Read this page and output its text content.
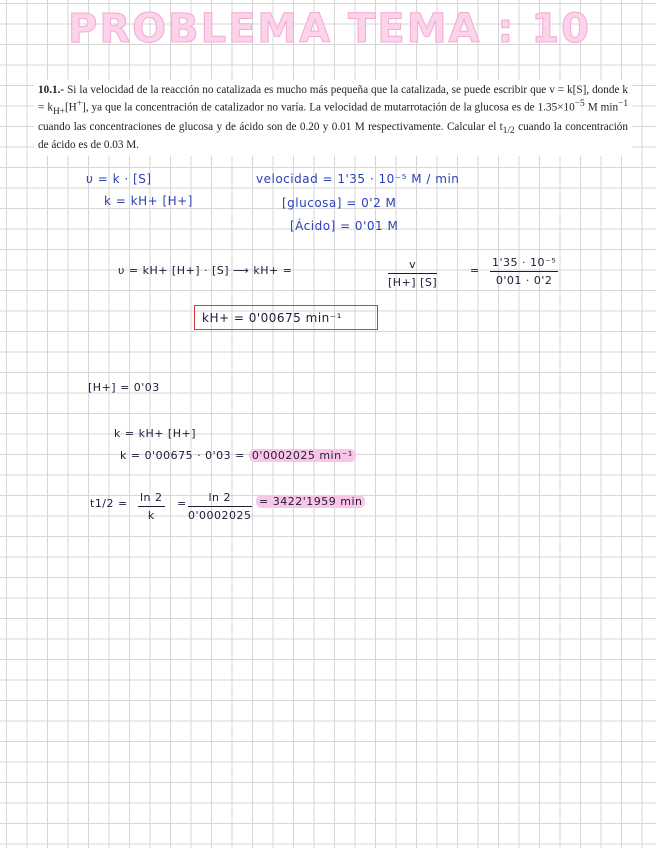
PROBLEMA TEMA : 10
10.1.- Si la velocidad de la reacción no catalizada es mucho más pequeña que la catalizada, se puede escribir que v = k[S], donde $k = k_{H+}[H^+]$, ya que la concentración de catalizador no varía. La velocidad de mutarrotación de la glucosa es de $1.35\times 10^{-5}$ M $\min^{-1}$ cuando las concentraciones de glucosa y de ácido son de 0.20 y 0.01 M respectivamente. Calcular el $t_{1/2}$ cuando la concentración de ácido es de 0.03 M.
υ = k · [S]
k = kH+ [H+]
velocidad = 1'35 · 10⁻⁵ M / min
[glucosa] = 0'2 M
[Ácido] = 0'01 M
υ = kH+ [H+] · [S] ⟶ kH+ =	$\frac{v}{[H+] [S]}$	= $\frac{\text{1'35 · 10⁻⁵}}{0'01 \cdot 0'2}$
kH+ = 0'00675 min⁻¹
[H+] = 0'03
k = kH+ [H+]
k = 0'00675 · 0'03 = 0'0002025 min⁻¹
$t1/2 = \frac{\ln 2}{k} = \frac{\ln 2}{0'0002025} = 3422'1959$ min
